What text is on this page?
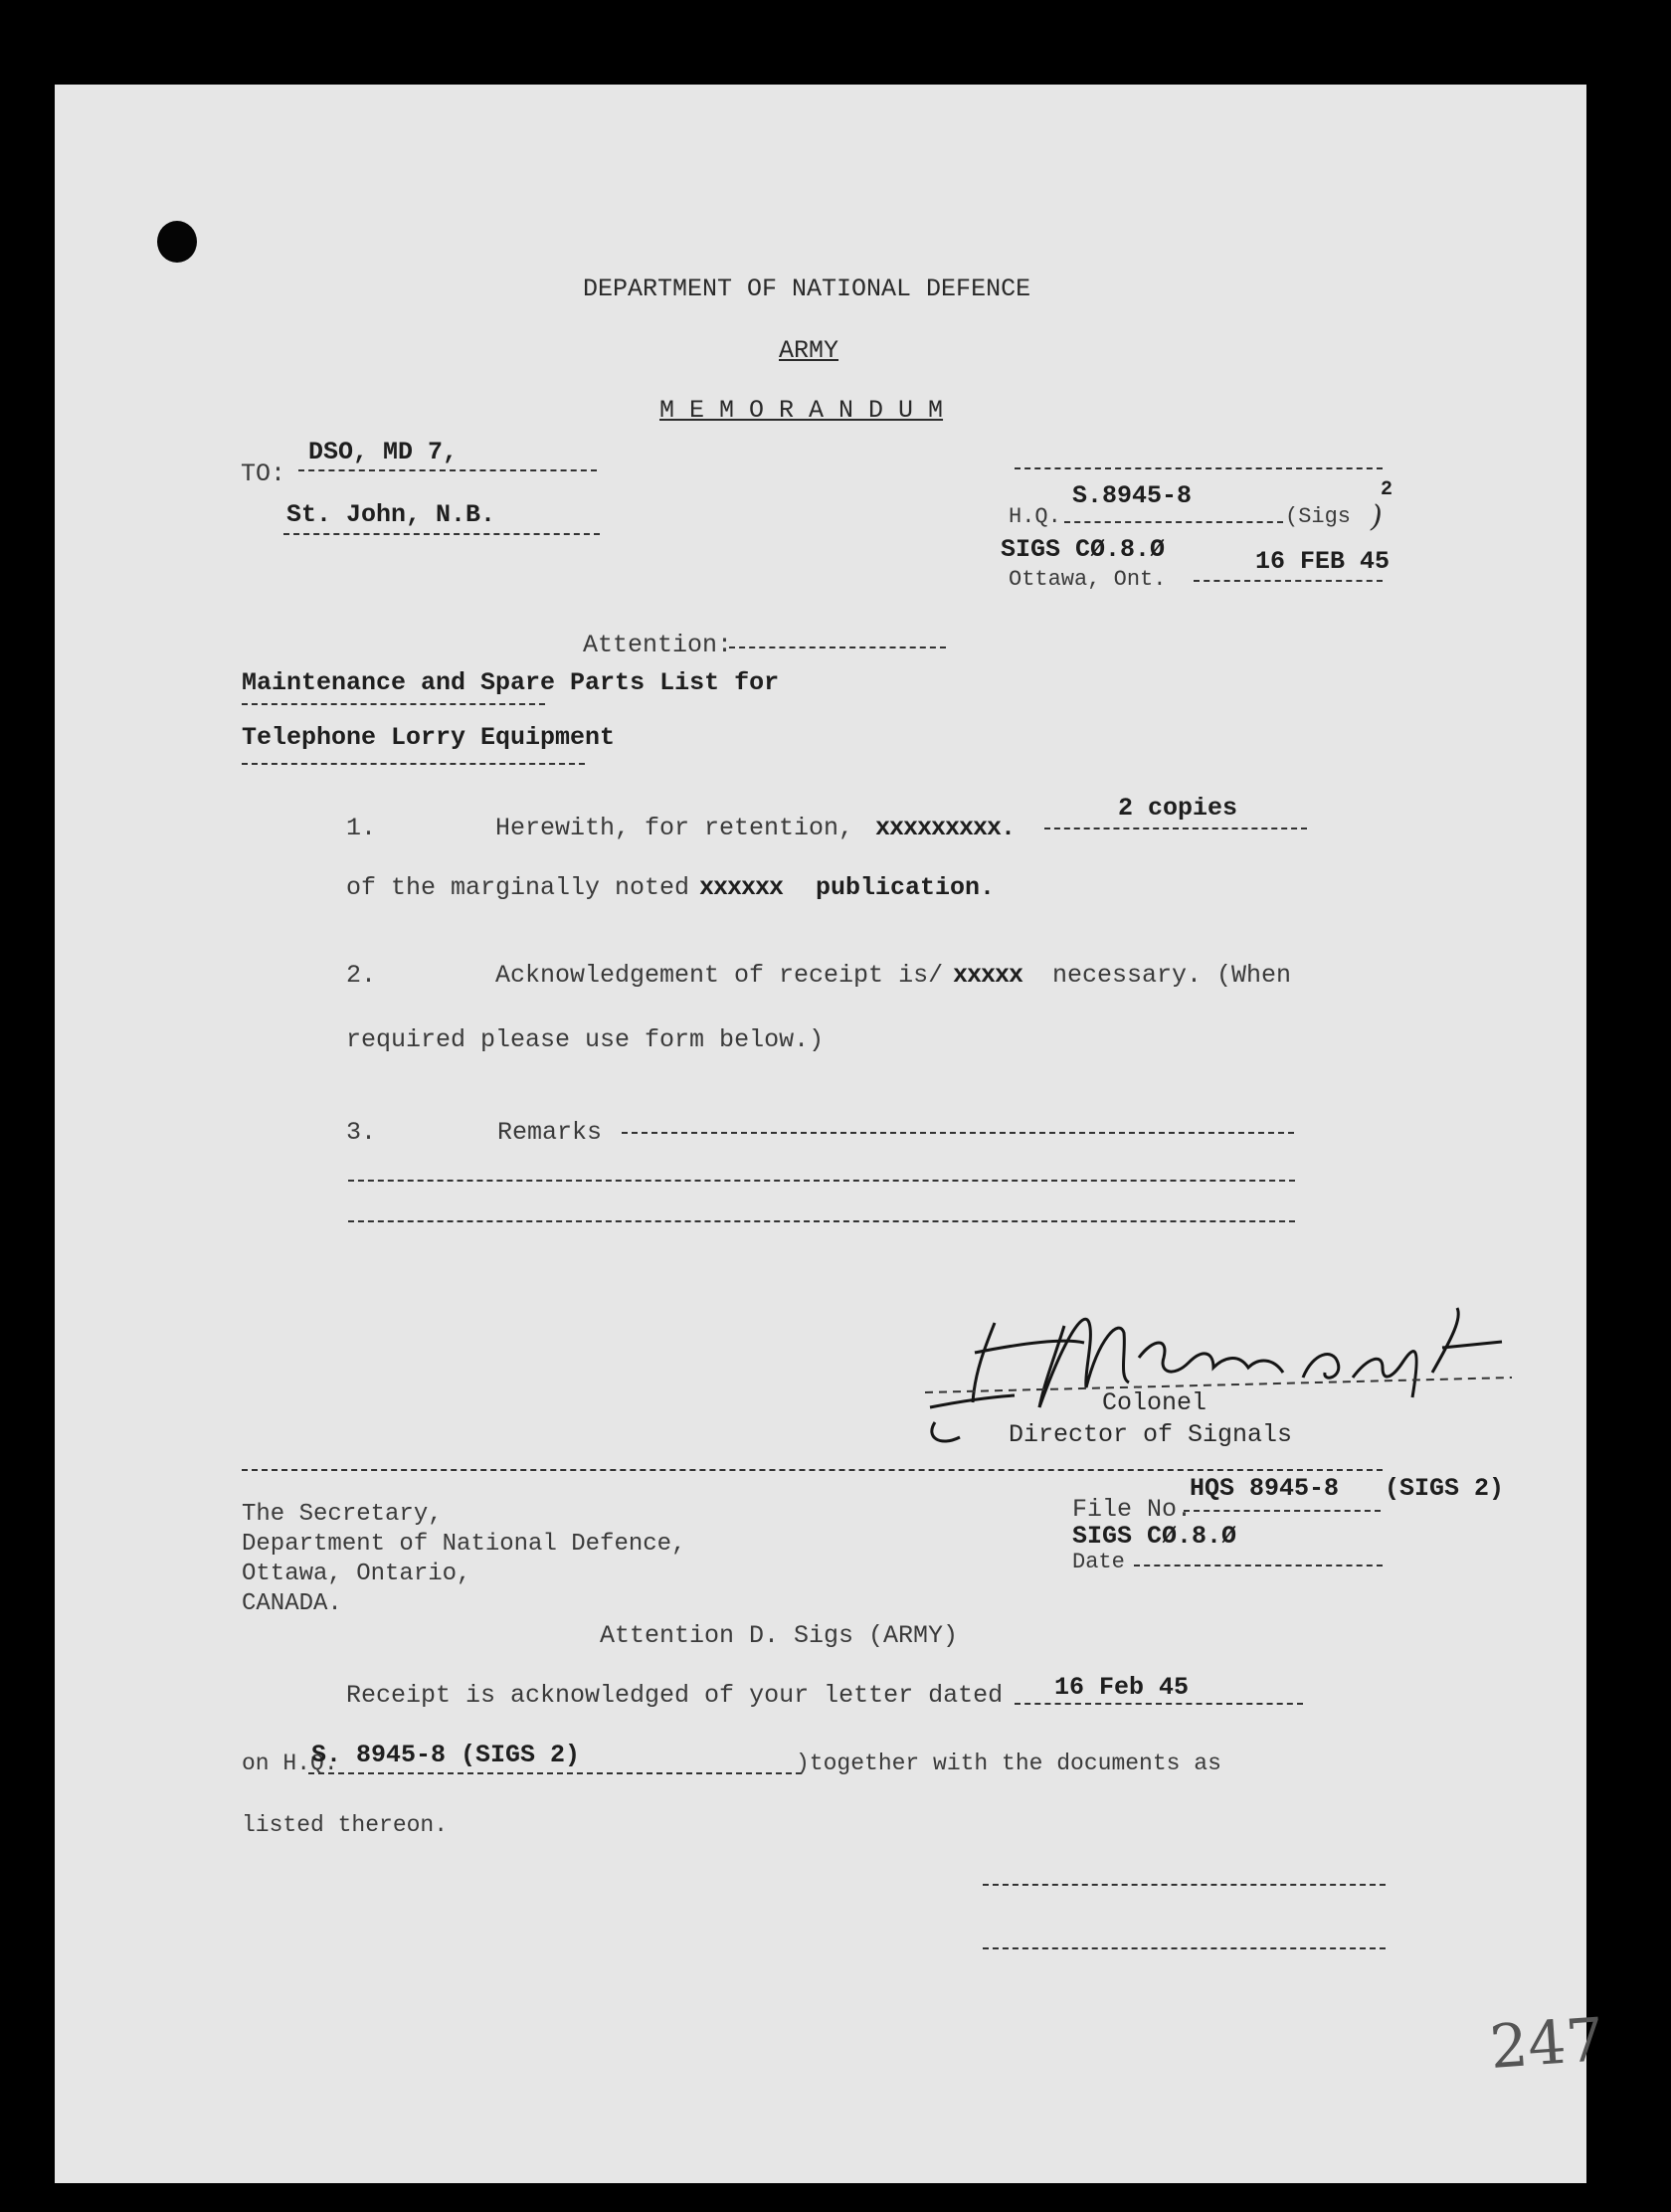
DEPARTMENT OF NATIONAL DEFENCE
ARMY
M E M O R A N D U M
TO:
DSO, MD 7,
St. John, N.B.	H.Q.
S.8945-8
(Sigs
2
)
SIGS CØ.8.Ø
Ottawa, Ont.
16 FEB 45
Attention:
Maintenance and Spare Parts List for
Telephone Lorry Equipment
1.	Herewith, for retention, xxxxxxxxx.
2 copies
of the marginally noted xxxxxx publication.
2.	Acknowledgement of receipt is/ xxxxx necessary. (When
required please use form below.)
3.	Remarks
Colonel
Director of Signals
The Secretary,
Department of National Defence,
Ottawa, Ontario,
CANADA.
File No.
HQS 8945-8 (SIGS 2)
SIGS CØ.8.Ø
Date
Attention D. Sigs (ARMY)
Receipt is acknowledged of your letter dated 16 Feb 45
on H.Q.
S. 8945-8 (SIGS 2)	)together with the documents as
listed thereon.
247
